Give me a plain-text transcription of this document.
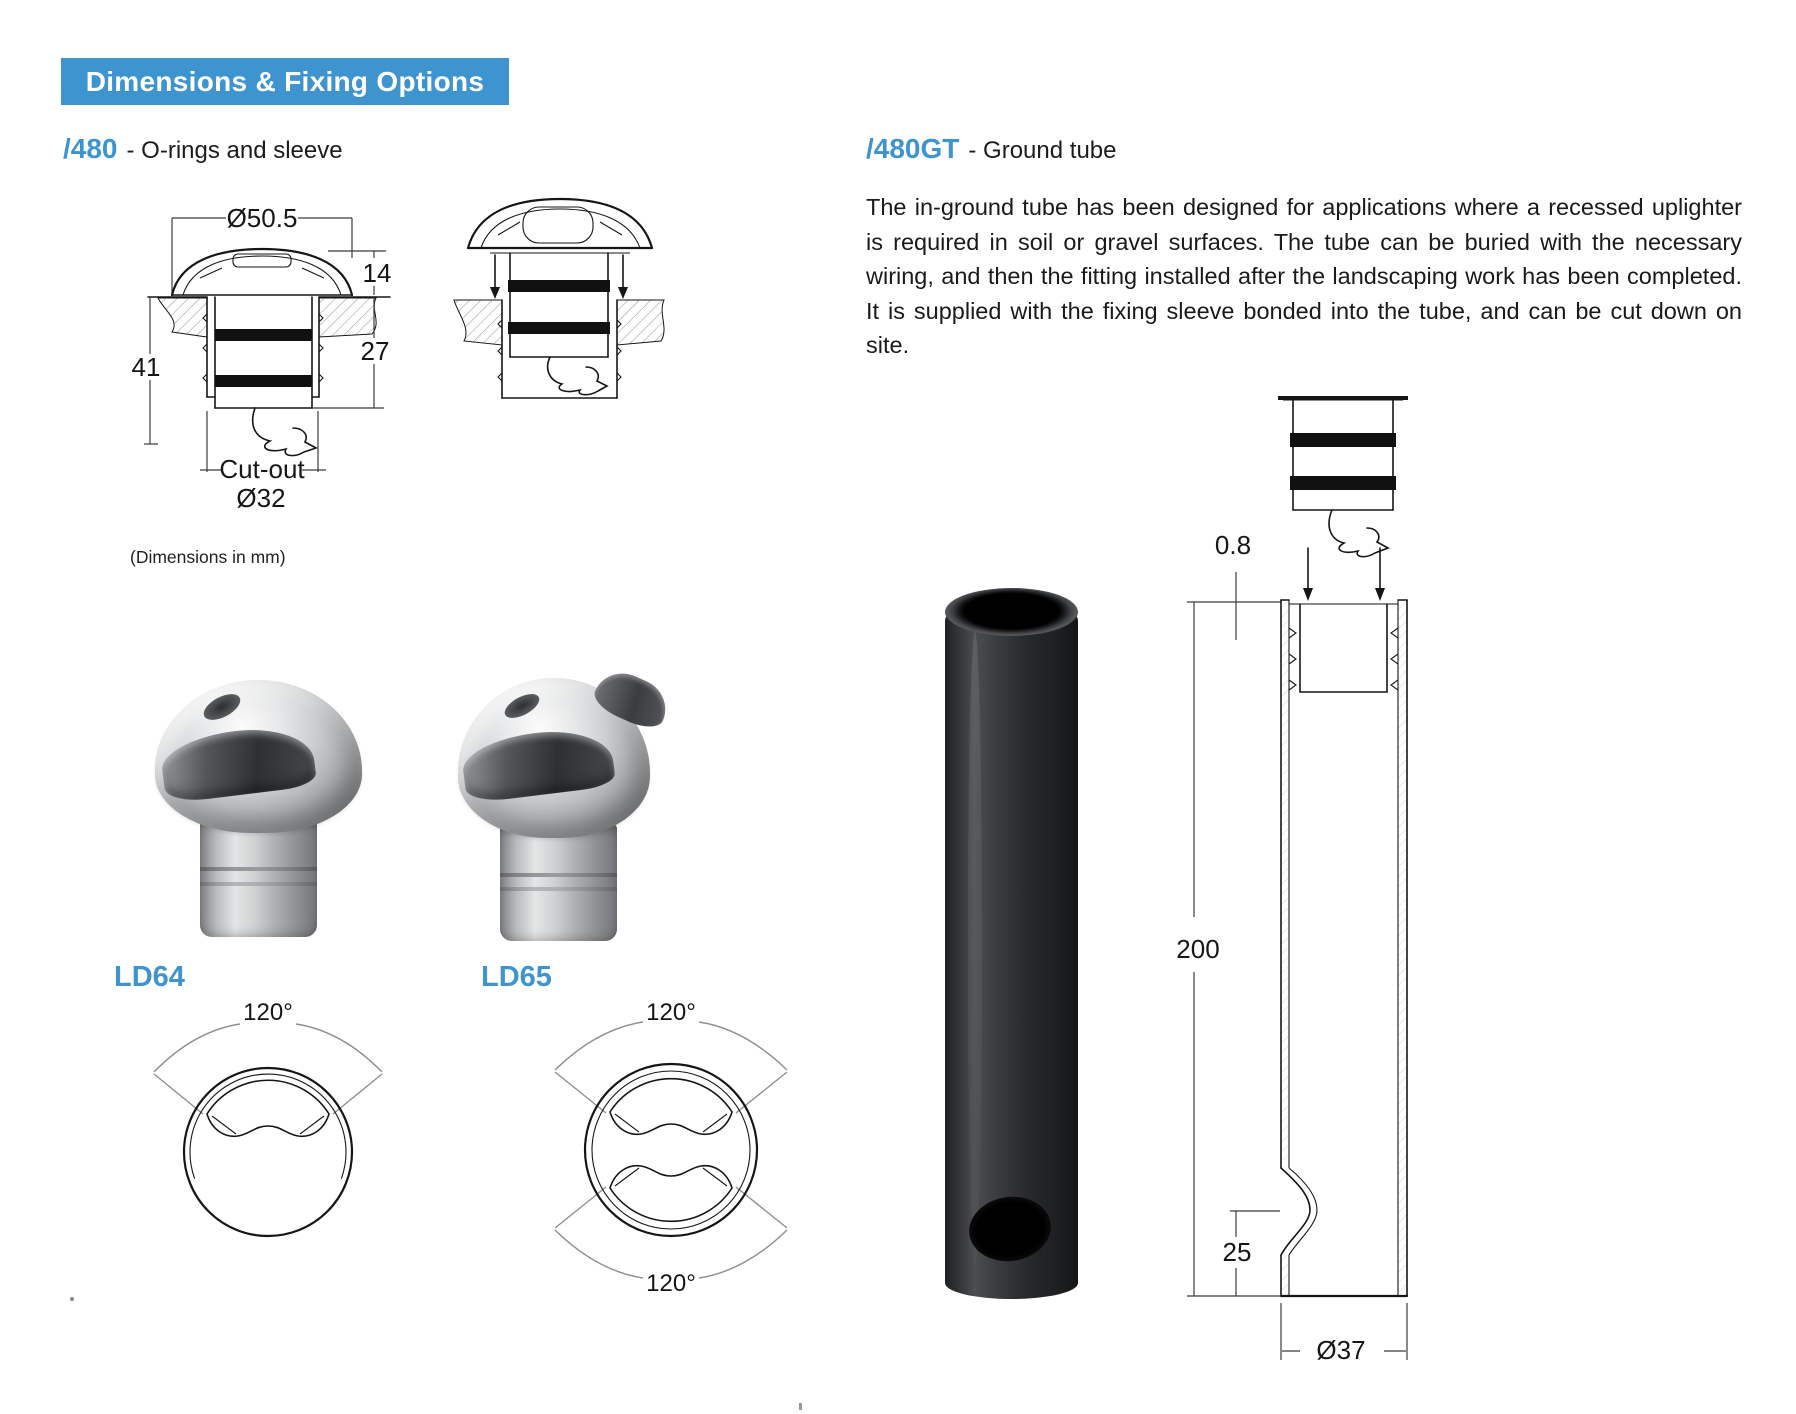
Dimensions & Fixing Options
/480 - O-rings and sleeve	/480GT - Ground tube
The in-ground tube has been designed for applications where a recessed uplighter is required in soil or gravel surfaces. The tube can be buried with the necessary wiring, and then the fitting installed after the landscaping work has been completed. It is supplied with the fixing sleeve bonded into the tube, and can be cut down on site.
Ø50.5
14
27
41
Cut-out
Ø32
(Dimensions in mm)
LD64	LD65
120°	120°
120°
0.8
200
25
Ø37
